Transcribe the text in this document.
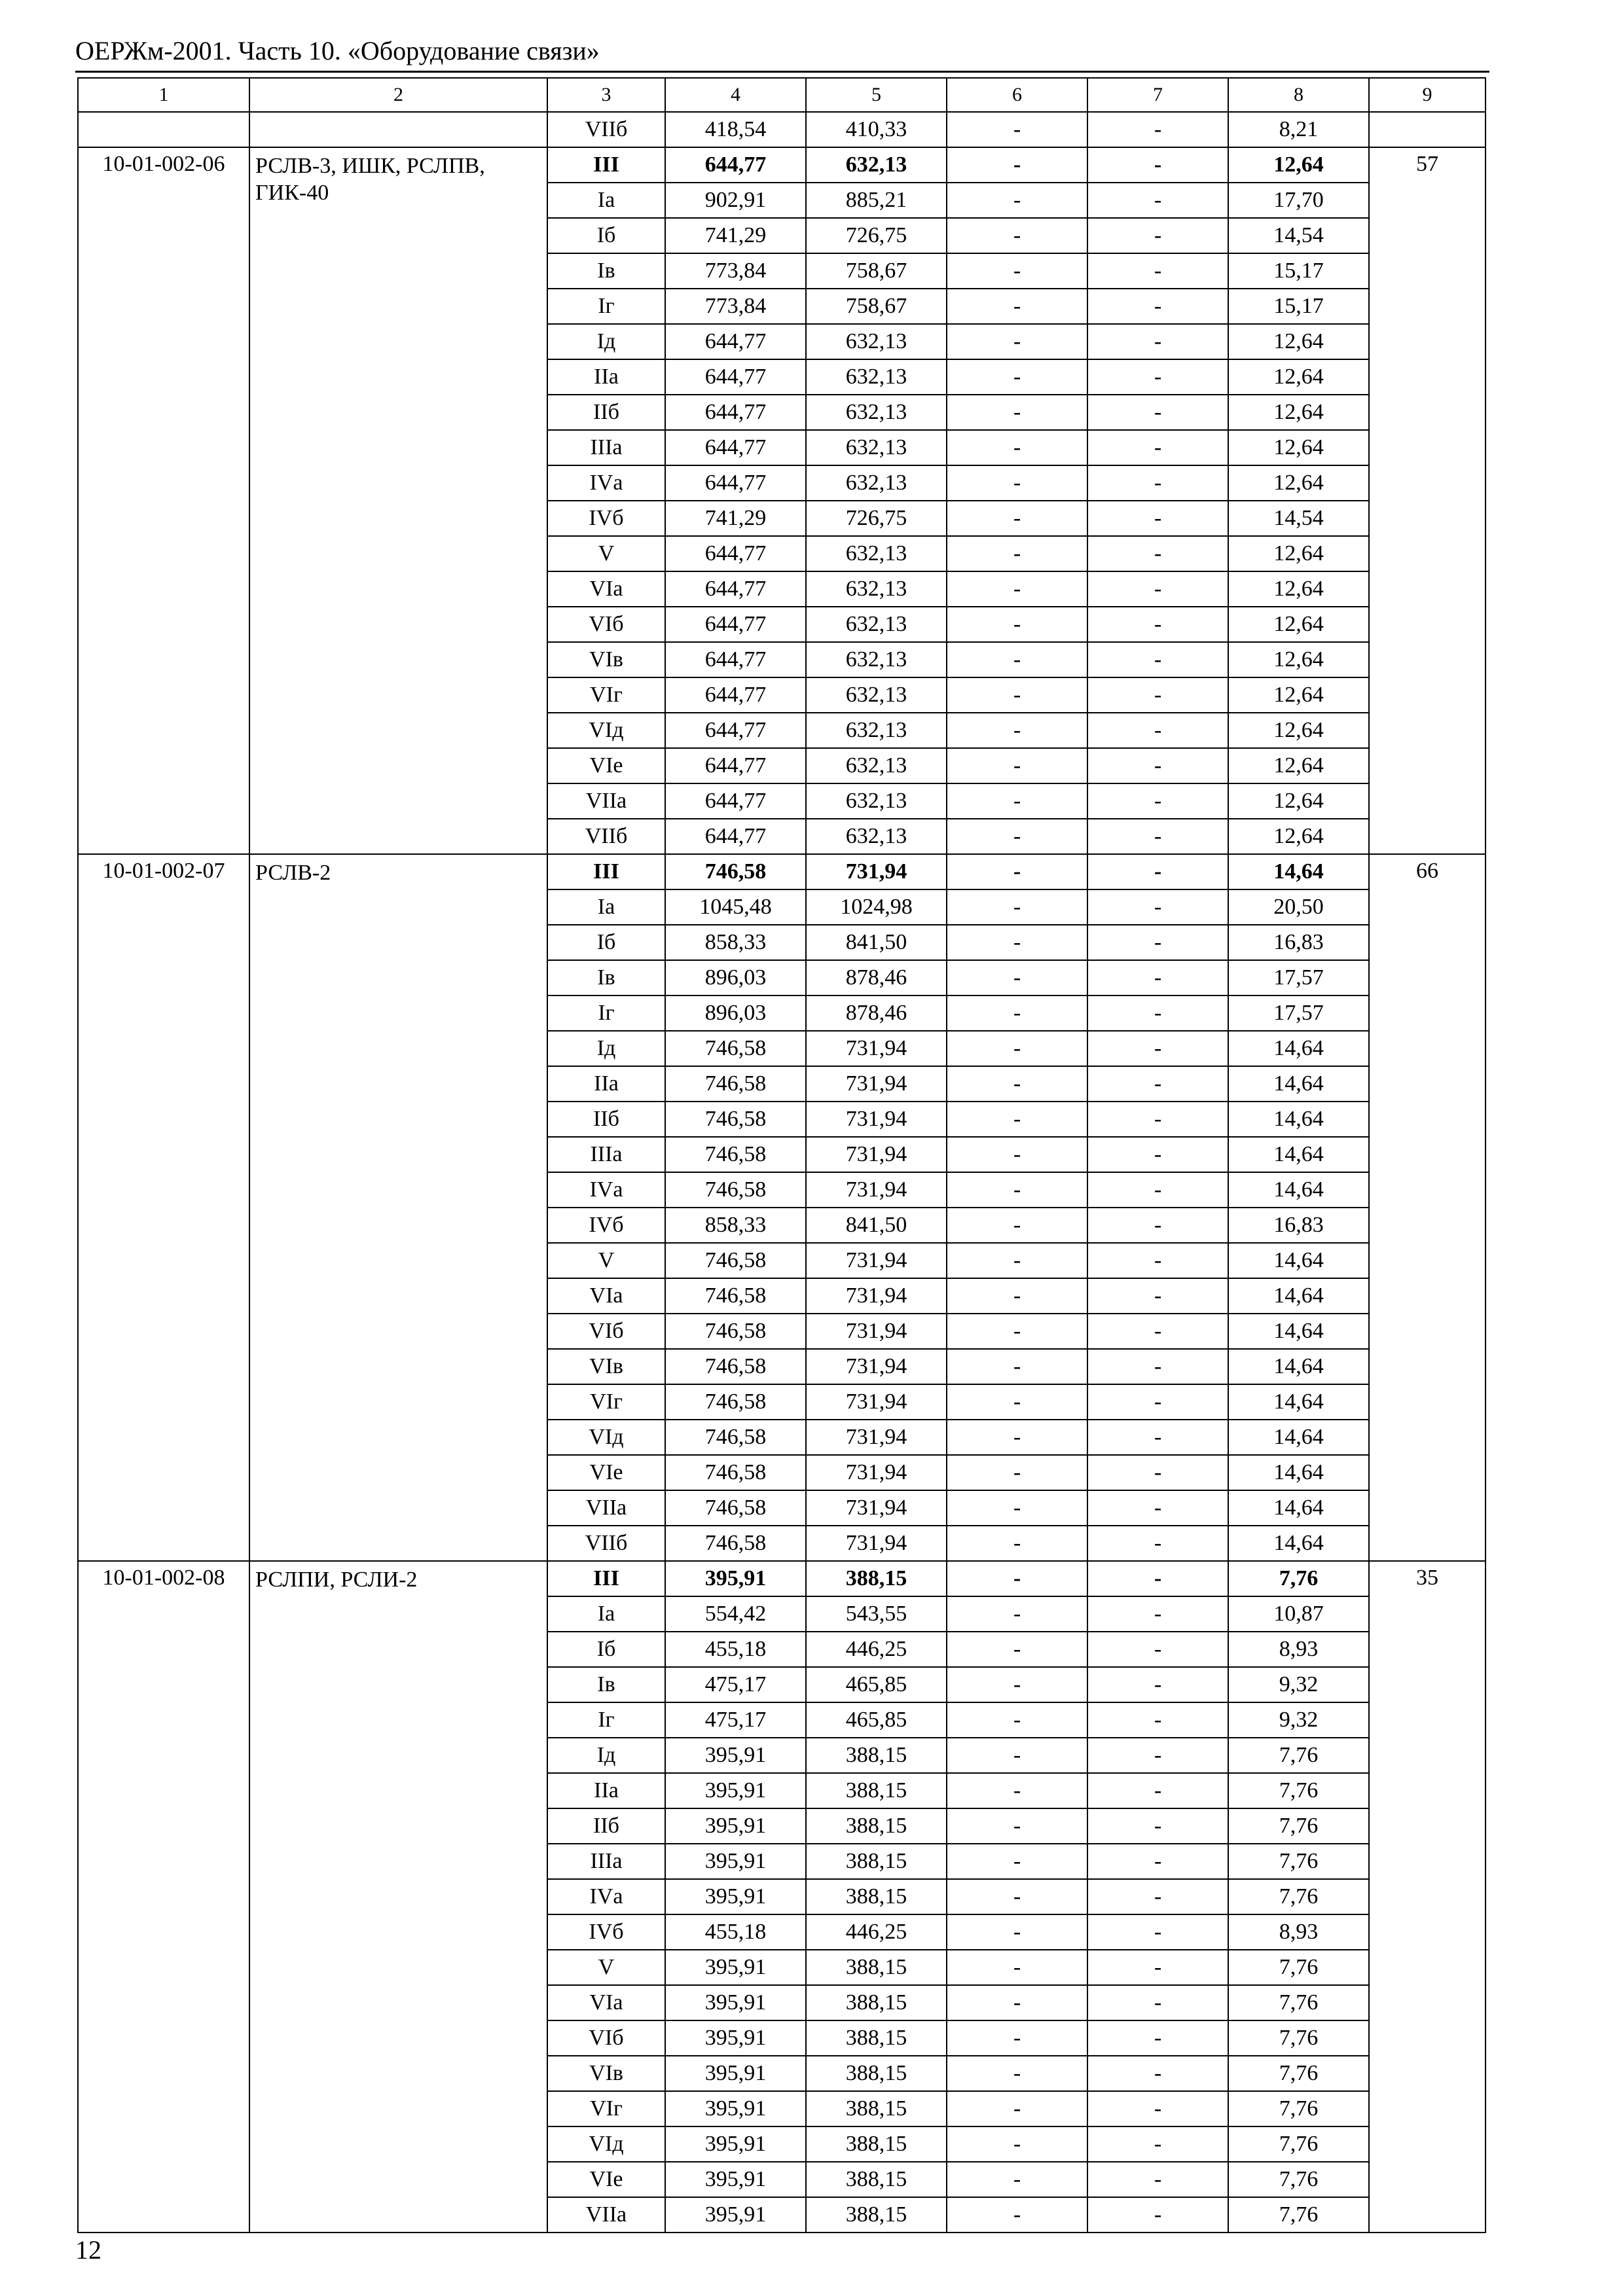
ОЕРЖм-2001. Часть 10. «Оборудование связи»
1	2	3	4	5	6	7	8	9
		VIIб	418,54	410,33	-	-	8,21	
10-01-002-06	РСЛВ-3, ИШК, РСЛПВ, ГИК-40	III	644,77	632,13	-	-	12,64	57
		Iа	902,91	885,21	-	-	17,70	
		Iб	741,29	726,75	-	-	14,54	
		Iв	773,84	758,67	-	-	15,17	
		Iг	773,84	758,67	-	-	15,17	
		Iд	644,77	632,13	-	-	12,64	
		IIа	644,77	632,13	-	-	12,64	
		IIб	644,77	632,13	-	-	12,64	
		IIIа	644,77	632,13	-	-	12,64	
		IVа	644,77	632,13	-	-	12,64	
		IVб	741,29	726,75	-	-	14,54	
		V	644,77	632,13	-	-	12,64	
		VIа	644,77	632,13	-	-	12,64	
		VIб	644,77	632,13	-	-	12,64	
		VIв	644,77	632,13	-	-	12,64	
		VIг	644,77	632,13	-	-	12,64	
		VIд	644,77	632,13	-	-	12,64	
		VIе	644,77	632,13	-	-	12,64	
		VIIа	644,77	632,13	-	-	12,64	
		VIIб	644,77	632,13	-	-	12,64	
10-01-002-07	РСЛВ-2	III	746,58	731,94	-	-	14,64	66
		Iа	1045,48	1024,98	-	-	20,50	
		Iб	858,33	841,50	-	-	16,83	
		Iв	896,03	878,46	-	-	17,57	
		Iг	896,03	878,46	-	-	17,57	
		Iд	746,58	731,94	-	-	14,64	
		IIа	746,58	731,94	-	-	14,64	
		IIб	746,58	731,94	-	-	14,64	
		IIIа	746,58	731,94	-	-	14,64	
		IVа	746,58	731,94	-	-	14,64	
		IVб	858,33	841,50	-	-	16,83	
		V	746,58	731,94	-	-	14,64	
		VIа	746,58	731,94	-	-	14,64	
		VIб	746,58	731,94	-	-	14,64	
		VIв	746,58	731,94	-	-	14,64	
		VIг	746,58	731,94	-	-	14,64	
		VIд	746,58	731,94	-	-	14,64	
		VIе	746,58	731,94	-	-	14,64	
		VIIа	746,58	731,94	-	-	14,64	
		VIIб	746,58	731,94	-	-	14,64	
10-01-002-08	РСЛПИ, РСЛИ-2	III	395,91	388,15	-	-	7,76	35
		Iа	554,42	543,55	-	-	10,87	
		Iб	455,18	446,25	-	-	8,93	
		Iв	475,17	465,85	-	-	9,32	
		Iг	475,17	465,85	-	-	9,32	
		Iд	395,91	388,15	-	-	7,76	
		IIа	395,91	388,15	-	-	7,76	
		IIб	395,91	388,15	-	-	7,76	
		IIIа	395,91	388,15	-	-	7,76	
		IVа	395,91	388,15	-	-	7,76	
		IVб	455,18	446,25	-	-	8,93	
		V	395,91	388,15	-	-	7,76	
		VIа	395,91	388,15	-	-	7,76	
		VIб	395,91	388,15	-	-	7,76	
		VIв	395,91	388,15	-	-	7,76	
		VIг	395,91	388,15	-	-	7,76	
		VIд	395,91	388,15	-	-	7,76	
		VIе	395,91	388,15	-	-	7,76	
		VIIа	395,91	388,15	-	-	7,76	
12
